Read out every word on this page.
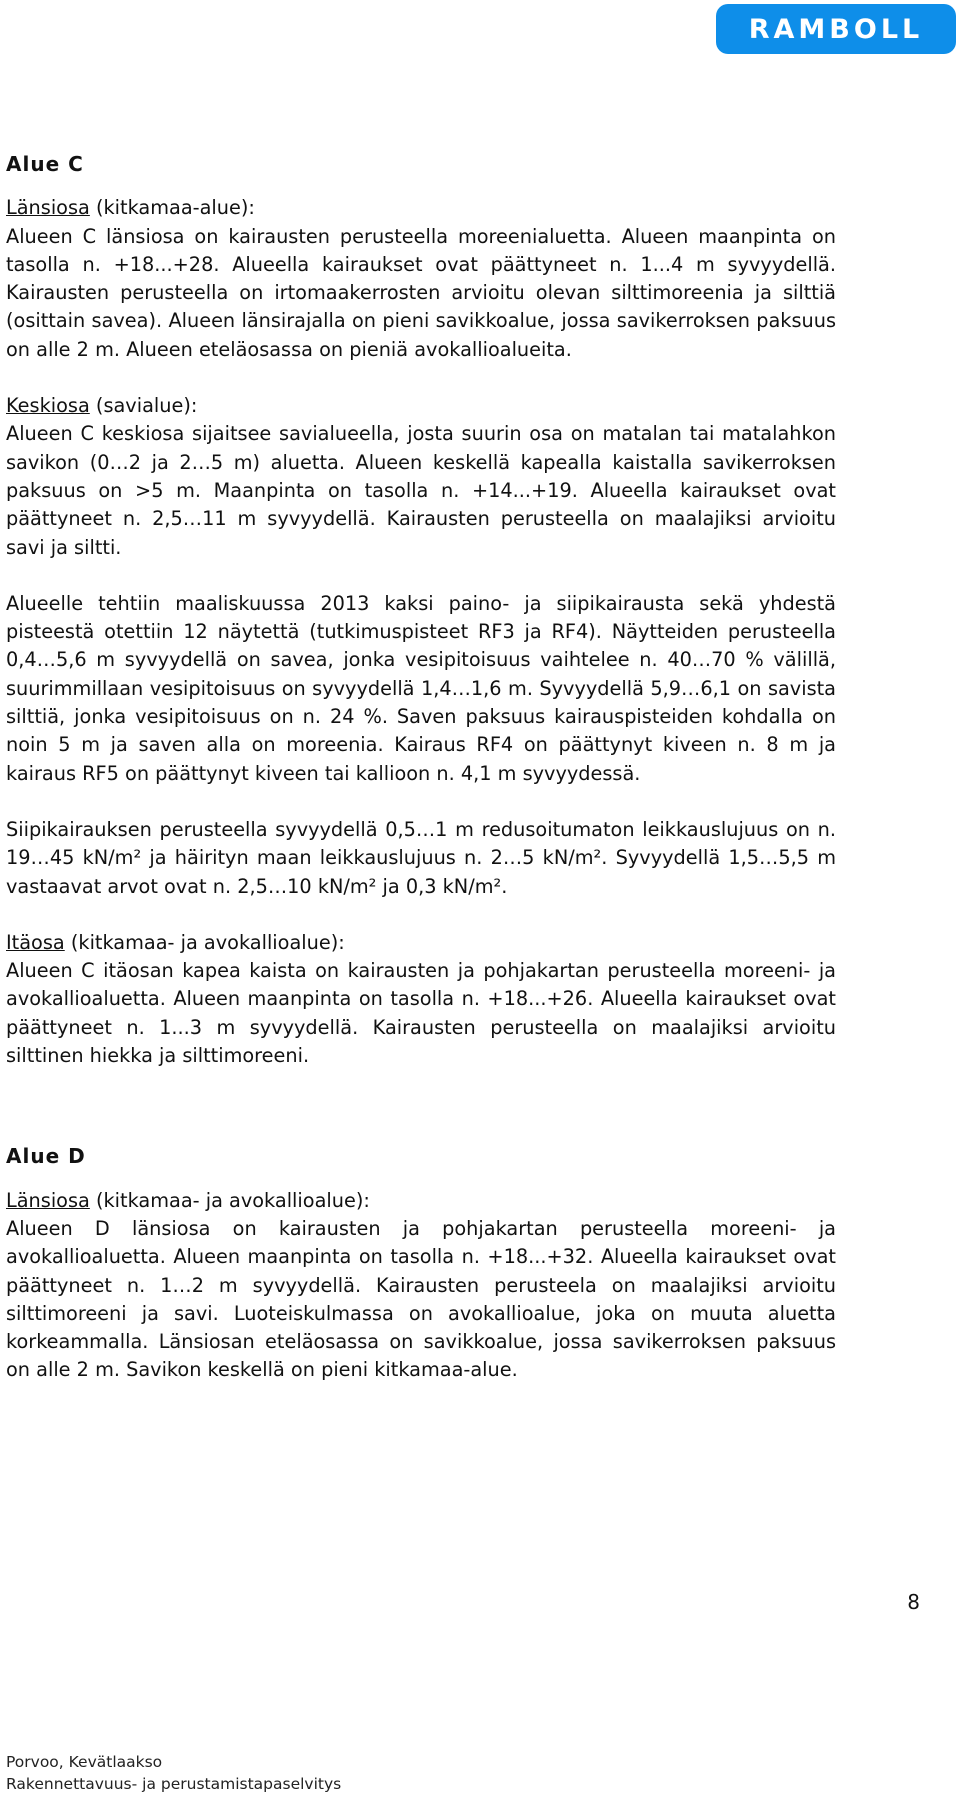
RAMBOLL
Alue C
Länsiosa (kitkamaa-alue):
Alueen C länsiosa on kairausten perusteella moreenialuetta. Alueen maanpinta on tasolla n. +18...+28. Alueella kairaukset ovat päättyneet n. 1...4 m syvyydellä. Kairausten perusteella on irtomaakerrosten arvioitu olevan silttimoreenia ja silttiä (osittain savea). Alueen länsirajalla on pieni savikkoalue, jossa savikerroksen paksuus on alle 2 m. Alueen eteläosassa on pieniä avokallioalueita.
Keskiosa (savialue):
Alueen C keskiosa sijaitsee savialueella, josta suurin osa on matalan tai matalahkon savikon (0…2 ja 2…5 m) aluetta. Alueen keskellä kapealla kaistalla savikerroksen paksuus on >5 m. Maanpinta on tasolla n. +14...+19. Alueella kairaukset ovat päättyneet n. 2,5…11 m syvyydellä. Kairausten perusteella on maalajiksi arvioitu savi ja siltti.
Alueelle tehtiin maaliskuussa 2013 kaksi paino- ja siipikairausta sekä yhdestä pisteestä otettiin 12 näytettä (tutkimuspisteet RF3 ja RF4). Näytteiden perusteella 0,4…5,6 m syvyydellä on savea, jonka vesipitoisuus vaihtelee n. 40…70 % välillä, suurimmillaan vesipitoisuus on syvyydellä 1,4…1,6 m. Syvyydellä 5,9…6,1 on savista silttiä, jonka vesipitoisuus on n. 24 %. Saven paksuus kairauspisteiden kohdalla on noin 5 m ja saven alla on moreenia. Kairaus RF4 on päättynyt kiveen n. 8 m ja kairaus RF5 on päättynyt kiveen tai kallioon n. 4,1 m syvyydessä.
Siipikairauksen perusteella syvyydellä 0,5…1 m redusoitumaton leikkauslujuus on n. 19…45 kN/m² ja häirityn maan leikkauslujuus n. 2…5 kN/m². Syvyydellä 1,5…5,5 m vastaavat arvot ovat n. 2,5…10 kN/m² ja 0,3 kN/m².
Itäosa (kitkamaa- ja avokallioalue):
Alueen C itäosan kapea kaista on kairausten ja pohjakartan perusteella moreeni- ja avokallioaluetta. Alueen maanpinta on tasolla n. +18...+26. Alueella kairaukset ovat päättyneet n. 1...3 m syvyydellä. Kairausten perusteella on maalajiksi arvioitu silttinen hiekka ja silttimoreeni.
Alue D
Länsiosa (kitkamaa- ja avokallioalue):
Alueen D länsiosa on kairausten ja pohjakartan perusteella moreeni- ja avokallioaluetta. Alueen maanpinta on tasolla n. +18...+32. Alueella kairaukset ovat päättyneet n. 1…2 m syvyydellä. Kairausten perusteela on maalajiksi arvioitu silttimoreeni ja savi. Luoteiskulmassa on avokallioalue, joka on muuta aluetta korkeammalla. Länsiosan eteläosassa on savikkoalue, jossa savikerroksen paksuus on alle 2 m. Savikon keskellä on pieni kitkamaa-alue.
8
Porvoo, Kevätlaakso
Rakennettavuus- ja perustamistapaselvitys
